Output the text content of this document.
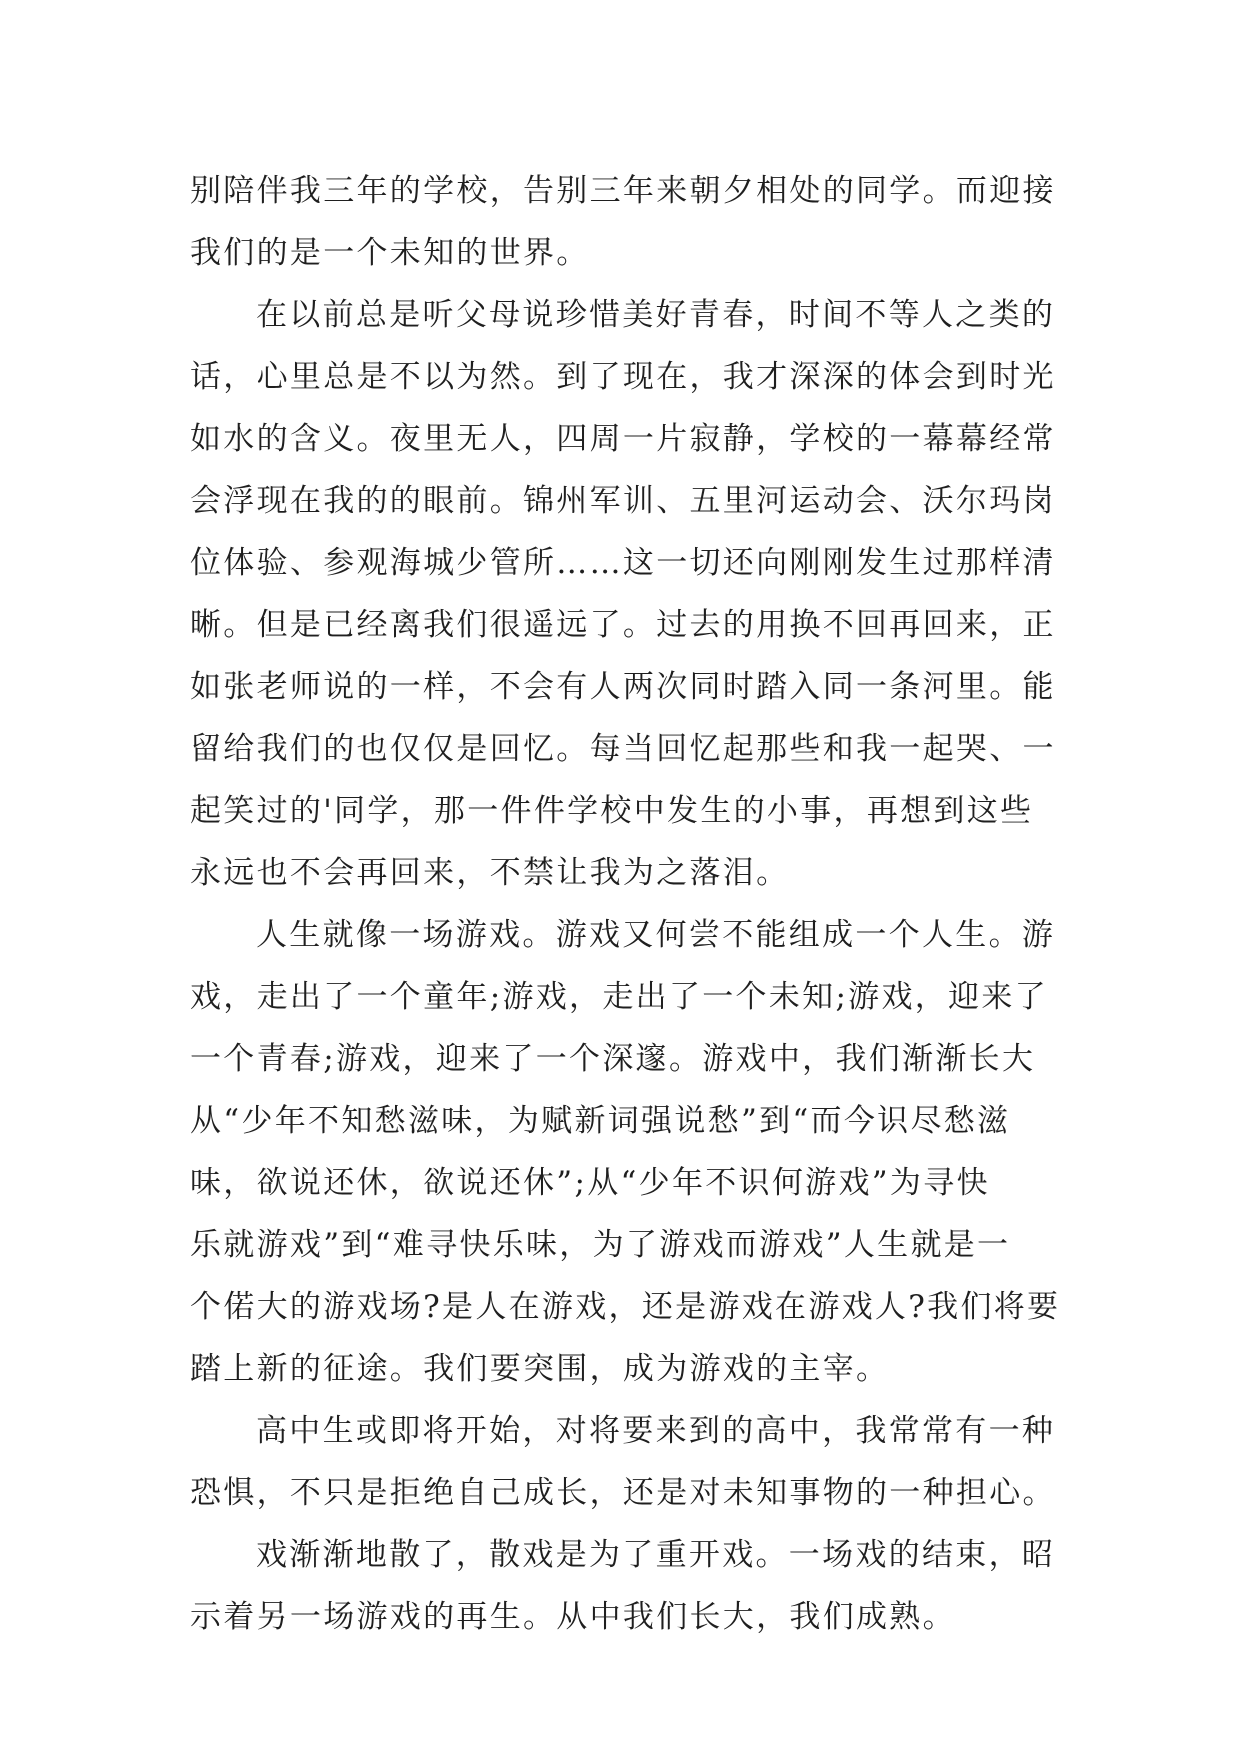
别陪伴我三年的学校，告别三年来朝夕相处的同学。而迎接
我们的是一个未知的世界。
在以前总是听父母说珍惜美好青春，时间不等人之类的
话，心里总是不以为然。到了现在，我才深深的体会到时光
如水的含义。夜里无人，四周一片寂静，学校的一幕幕经常
会浮现在我的的眼前。锦州军训、五里河运动会、沃尔玛岗
位体验、参观海城少管所……这一切还向刚刚发生过那样清
晰。但是已经离我们很遥远了。过去的用换不回再回来，正
如张老师说的一样，不会有人两次同时踏入同一条河里。能
留给我们的也仅仅是回忆。每当回忆起那些和我一起哭、一
起笑过的'同学，那一件件学校中发生的小事，再想到这些
永远也不会再回来，不禁让我为之落泪。
人生就像一场游戏。游戏又何尝不能组成一个人生。游
戏，走出了一个童年;游戏，走出了一个未知;游戏，迎来了
一个青春;游戏，迎来了一个深邃。游戏中，我们渐渐长大
从“少年不知愁滋味，为赋新词强说愁”到“而今识尽愁滋
味，欲说还休，欲说还休”;从“少年不识何游戏”为寻快
乐就游戏”到“难寻快乐味，为了游戏而游戏”人生就是一
个偌大的游戏场?是人在游戏，还是游戏在游戏人?我们将要
踏上新的征途。我们要突围，成为游戏的主宰。
高中生或即将开始，对将要来到的高中，我常常有一种
恐惧，不只是拒绝自己成长，还是对未知事物的一种担心。
戏渐渐地散了，散戏是为了重开戏。一场戏的结束，昭
示着另一场游戏的再生。从中我们长大，我们成熟。
